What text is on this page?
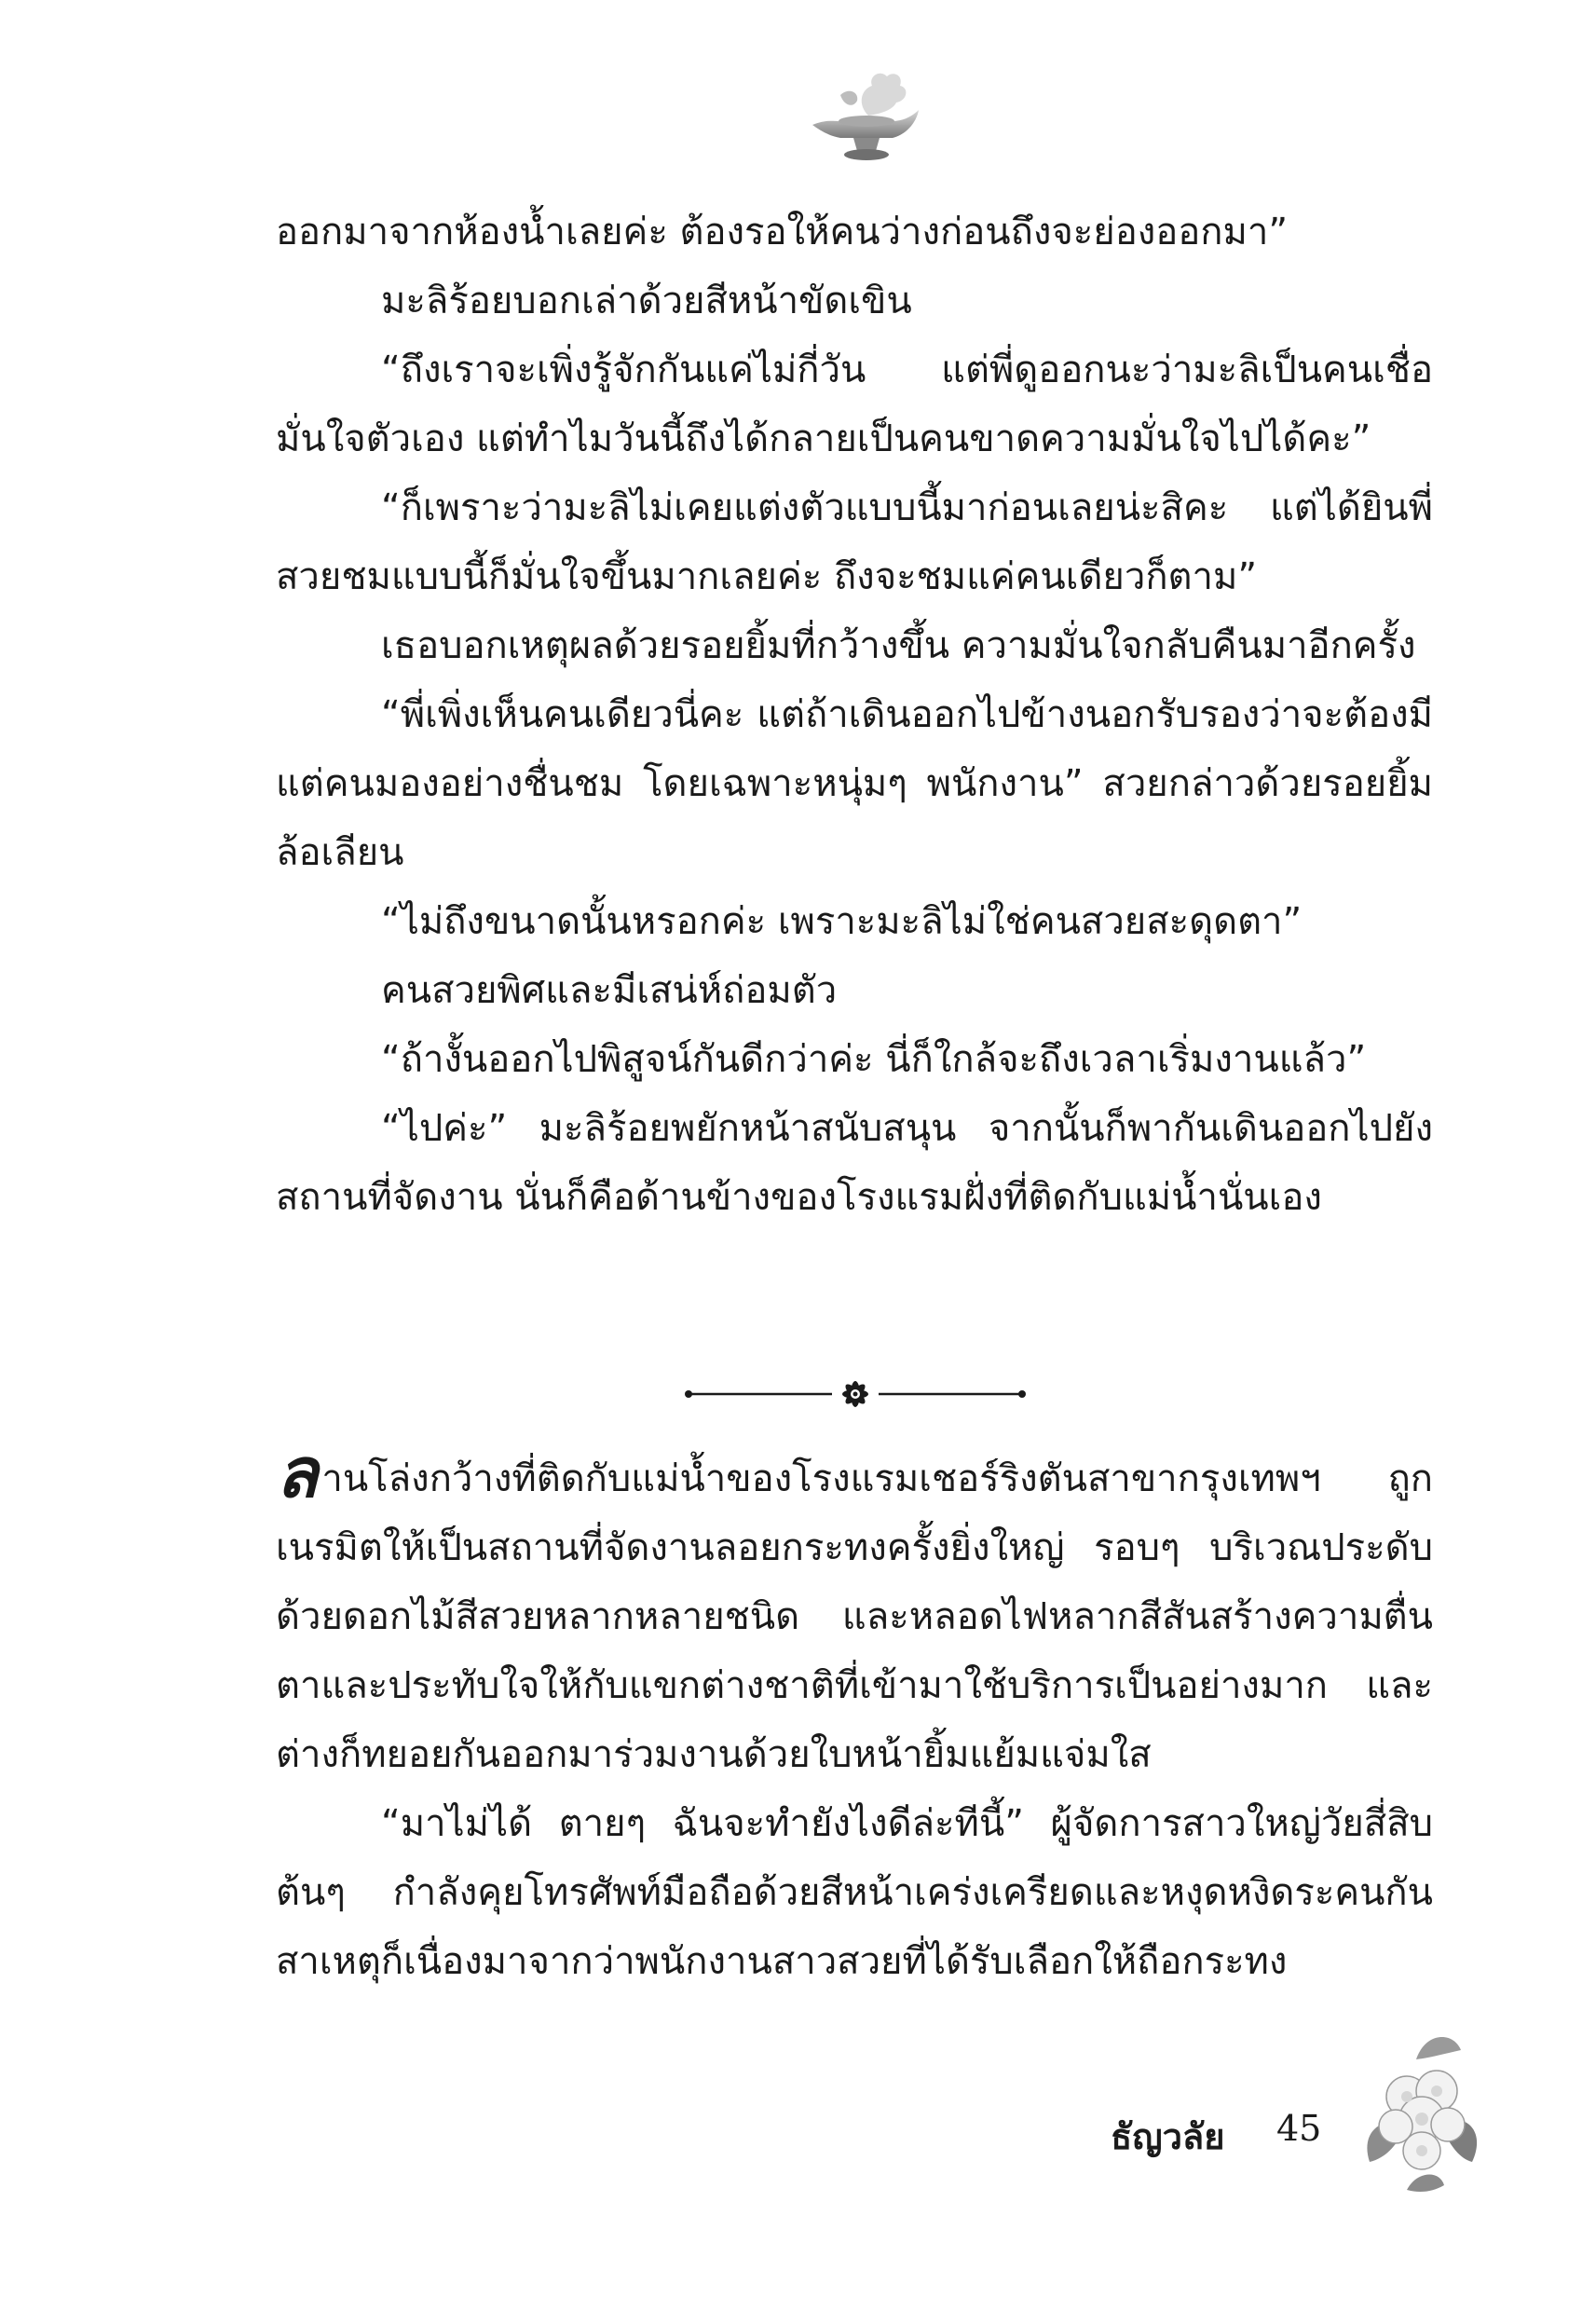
ออกมาจากห้องน้ำเลยค่ะ ต้องรอให้คนว่างก่อนถึงจะย่องออกมา”

มะลิร้อยบอกเล่าด้วยสีหน้าขัดเขิน

“ถึงเราจะเพิ่งรู้จักกันแค่ไม่กี่วัน แต่พี่ดูออกนะว่ามะลิเป็นคนเชื่อมั่นใจตัวเอง แต่ทำไมวันนี้ถึงได้กลายเป็นคนขาดความมั่นใจไปได้คะ”

“ก็เพราะว่ามะลิไม่เคยแต่งตัวแบบนี้มาก่อนเลยน่ะสิคะ แต่ได้ยินพี่สวยชมแบบนี้ก็มั่นใจขึ้นมากเลยค่ะ ถึงจะชมแค่คนเดียวก็ตาม”

เธอบอกเหตุผลด้วยรอยยิ้มที่กว้างขึ้น ความมั่นใจกลับคืนมาอีกครั้ง

“พี่เพิ่งเห็นคนเดียวนี่คะ แต่ถ้าเดินออกไปข้างนอกรับรองว่าจะต้องมีแต่คนมองอย่างชื่นชม โดยเฉพาะหนุ่มๆ พนักงาน” สวยกล่าวด้วยรอยยิ้มล้อเลียน

“ไม่ถึงขนาดนั้นหรอกค่ะ เพราะมะลิไม่ใช่คนสวยสะดุดตา”

คนสวยพิศและมีเสน่ห์ถ่อมตัว

“ถ้างั้นออกไปพิสูจน์กันดีกว่าค่ะ นี่ก็ใกล้จะถึงเวลาเริ่มงานแล้ว”

“ไปค่ะ” มะลิร้อยพยักหน้าสนับสนุน จากนั้นก็พากันเดินออกไปยังสถานที่จัดงาน นั่นก็คือด้านข้างของโรงแรมฝั่งที่ติดกับแม่น้ำนั่นเอง

ลานโล่งกว้างที่ติดกับแม่น้ำของโรงแรมเชอร์ริงตันสาขากรุงเทพฯ ถูกเนรมิตให้เป็นสถานที่จัดงานลอยกระทงครั้งยิ่งใหญ่ รอบๆ บริเวณประดับด้วยดอกไม้สีสวยหลากหลายชนิด และหลอดไฟหลากสีสันสร้างความตื่นตาและประทับใจให้กับแขกต่างชาติที่เข้ามาใช้บริการเป็นอย่างมาก และต่างก็ทยอยกันออกมาร่วมงานด้วยใบหน้ายิ้มแย้มแจ่มใส

“มาไม่ได้ ตายๆ ฉันจะทำยังไงดีล่ะทีนี้” ผู้จัดการสาวใหญ่วัยสี่สิบต้นๆ กำลังคุยโทรศัพท์มือถือด้วยสีหน้าเคร่งเครียดและหงุดหงิดระคนกัน สาเหตุก็เนื่องมาจากว่าพนักงานสาวสวยที่ได้รับเลือกให้ถือกระทง

ธัญวลัย 45
